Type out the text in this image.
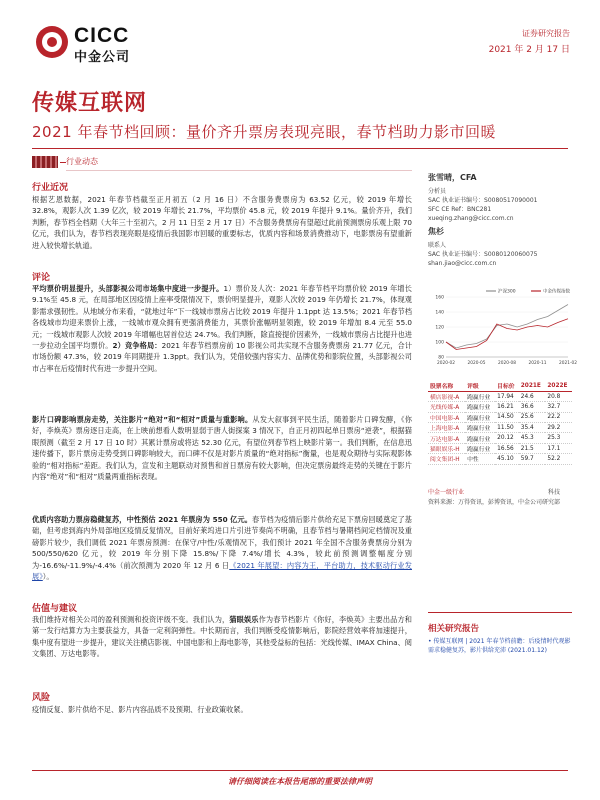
CICC
中金公司
证券研究报告
2021 年 2 月 17 日
传媒互联网
2021 年春节档回顾：量价齐升票房表现亮眼，春节档助力影市回暖
行业动态
行业近况
根据艺恩数据，2021 年春节档截至正月初五（2 月 16 日）不含服务费票房为 63.52 亿元，较 2019 年增长 32.8%，观影人次 1.39 亿次，较 2019 年增长 21.7%，平均票价 45.8 元，较 2019 年提升 9.1%。量价齐升，我们判断，春节档全档期（大年三十至初六，2 月 11 日至 2 月 17 日）不含服务费票房有望超过此前预测票房乐观上限 70 亿元，我们认为，春节档表现亮眼是疫情后我国影市回暖的重要标志，优质内容和场景消费推动下，电影票房有望重新进入较快增长轨道。
评论
平均票价明显提升，头部影视公司市场集中度进一步提升。1）票价及人次：2021 年春节档平均票价较 2019 年增长 9.1%至 45.8 元，在局部地区因疫情上座率受限情况下，票价明显提升，观影人次较 2019 年仍增长 21.7%，体现观影需求强韧性。从地域分布来看，“就地过年”下一线城市票房占比较 2019 年提升 1.1ppt 达 13.5%；2021 年春节档各线城市均迎来票价上涨，一线城市观众拥有更强消费能力，其票价涨幅明显领跑，较 2019 年增加 8.4 元至 55.0 元；一线城市观影人次较 2019 年增幅也居首位达 24.7%。我们判断，除直接提价因素外，一线城市票房占比提升也进一步拉动全国平均票价。2）竞争格局：2021 年春节档票房前 10 影视公司共实现不含服务费票房 21.77 亿元，合计市场份额 47.3%，较 2019 年同期提升 1.3ppt。我们认为，凭借较强内容实力、品牌优势和影院位置，头部影视公司市占率在后疫情时代有进一步提升空间。
影片口碑影响票房走势，关注影片“绝对”和“相对”质量与重影响。从发大叙事到平民生活，随着影片口碑发酵，《你好，李焕英》票房逐日走高，在上映前想看人数明显弱于唐人街探案 3 情况下，自正月初四起单日票房“逆袭”，根据猫眼预测（截至 2 月 17 日 10 时）其累计票房或将达 52.30 亿元，有望位列春节档上映影片第一。我们判断，在信息迅速传播下，影片票房走势受到口碑影响较大，而口碑不仅是对影片质量的“绝对指标”衡量，也是观众期待与实际观影体验的“相对指标”差距。我们认为，宣发和主题联动对预售和首日票房有较大影响，但决定票房最终走势的关键在于影片内容“绝对”和“相对”质量两重指标表现。
优质内容助力票房稳健复苏，中性预估 2021 年票房为 550 亿元。春节档为疫情后影片供给充足下票房回暖奠定了基础，但考虑到海内外局部地区疫情反复情况，目前好莱坞进口片引进节奏尚不明确，且春节档与暑期档间定档情况及重磅影片较少，我们调低 2021 年票房预测：在保守/中性/乐观情况下，我们预计 2021 年全国不含服务费票房分别为 500/550/620 亿元，较 2019 年分别下降 15.8%/下降 7.4%/增长 4.3%，较此前预测调整幅度分别为-16.6%/-11.9%/-4.4%（前次预测为 2020 年 12 月 6 日《2021 年展望：内容为王，平台助力，技术驱动行业发展》）。
估值与建议
我们维持对相关公司的盈利预测和投资评级不变。我们认为，猫眼娱乐作为春节档影片《你好，李焕英》主要出品方和第一发行结算方为主要获益方，具备一定利润弹性。中长期而言，我们判断受疫情影响后，影院经营效率将加速提升，集中度有望进一步提升，建议关注横店影视、中国电影和上海电影等，其他受益标的包括：光线传媒、IMAX China、阅文集团、万达电影等。
风险
疫情反复、影片供给不足、影片内容品质不及预期、行业政策收紧。
张雪晴，CFA
分析员
SAC 执业证书编号：S0080517090001
SFC CE Ref：BNC281
xueqing.zhang@cicc.com.cn
焦杉
联系人
SAC 执业证书编号：S0080120060075
shan.jiao@cicc.com.cn
80
100
120
140
160
2020-02	2020-05	2020-08	2020-11	2021-02
沪深300	中金传媒指数
股票名称	评级	目标价	2021E	2022E
横店影视-A	跑赢行业	17.94	24.6	20.8
光线传媒-A	跑赢行业	16.21	36.6	32.7
中国电影-A	跑赢行业	14.50	25.6	22.2
上海电影-A	跑赢行业	11.50	35.4	29.2
万达电影-A	跑赢行业	20.12	45.3	25.3
猫眼娱乐-H	跑赢行业	16.56	21.5	17.1
阅文集团-H	中性	45.10	59.7	52.2
中金一级行业	科技
资料来源：万得资讯，彭博资讯，中金公司研究部
相关研究报告
• 传媒互联网 | 2021 年春节档前瞻：后疫情时代观影需求稳健复苏，影片供给充沛 (2021.01.12)
请仔细阅读在本报告尾部的重要法律声明
